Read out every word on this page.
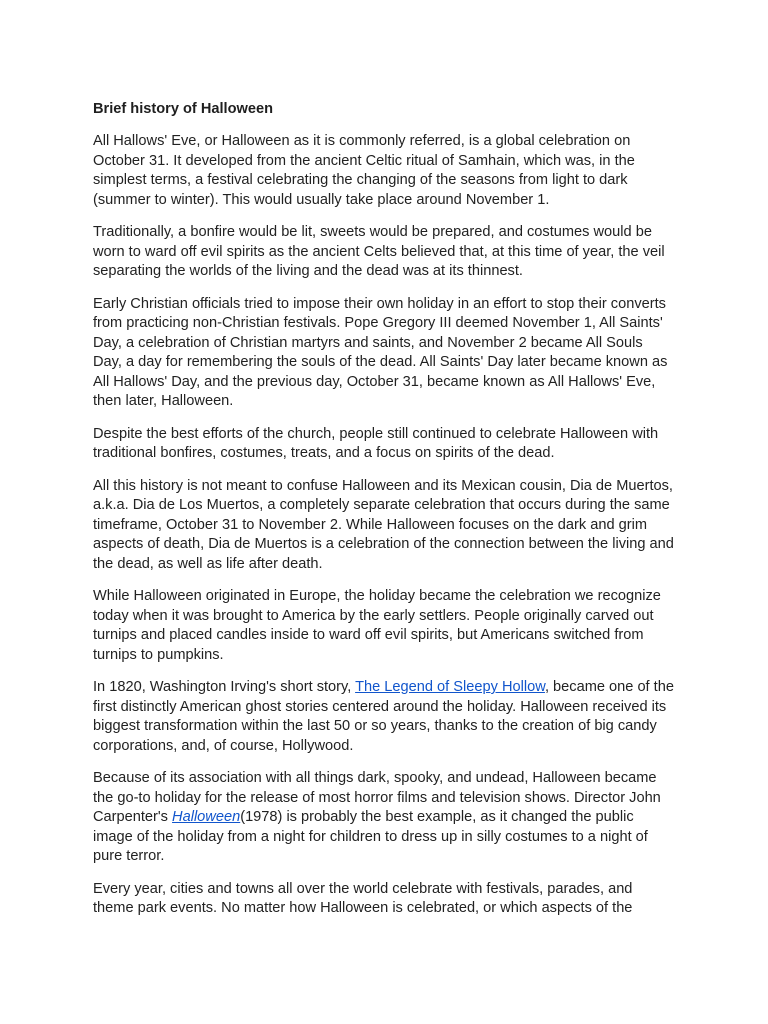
Brief history of Halloween

All Hallows' Eve, or Halloween as it is commonly referred, is a global celebration on October 31. It developed from the ancient Celtic ritual of Samhain, which was, in the simplest terms, a festival celebrating the changing of the seasons from light to dark (summer to winter). This would usually take place around November 1.

Traditionally, a bonfire would be lit, sweets would be prepared, and costumes would be worn to ward off evil spirits as the ancient Celts believed that, at this time of year, the veil separating the worlds of the living and the dead was at its thinnest.

Early Christian officials tried to impose their own holiday in an effort to stop their converts from practicing non-Christian festivals. Pope Gregory III deemed November 1, All Saints' Day, a celebration of Christian martyrs and saints, and November 2 became All Souls Day, a day for remembering the souls of the dead. All Saints' Day later became known as All Hallows' Day, and the previous day, October 31, became known as All Hallows' Eve, then later, Halloween.

Despite the best efforts of the church, people still continued to celebrate Halloween with traditional bonfires, costumes, treats, and a focus on spirits of the dead.

All this history is not meant to confuse Halloween and its Mexican cousin, Dia de Muertos, a.k.a. Dia de Los Muertos, a completely separate celebration that occurs during the same timeframe, October 31 to November 2. While Halloween focuses on the dark and grim aspects of death, Dia de Muertos is a celebration of the connection between the living and the dead, as well as life after death.

While Halloween originated in Europe, the holiday became the celebration we recognize today when it was brought to America by the early settlers. People originally carved out turnips and placed candles inside to ward off evil spirits, but Americans switched from turnips to pumpkins.

In 1820, Washington Irving's short story, The Legend of Sleepy Hollow, became one of the first distinctly American ghost stories centered around the holiday. Halloween received its biggest transformation within the last 50 or so years, thanks to the creation of big candy corporations, and, of course, Hollywood.

Because of its association with all things dark, spooky, and undead, Halloween became the go-to holiday for the release of most horror films and television shows. Director John Carpenter's Halloween(1978) is probably the best example, as it changed the public image of the holiday from a night for children to dress up in silly costumes to a night of pure terror.

Every year, cities and towns all over the world celebrate with festivals, parades, and theme park events. No matter how Halloween is celebrated, or which aspects of the
